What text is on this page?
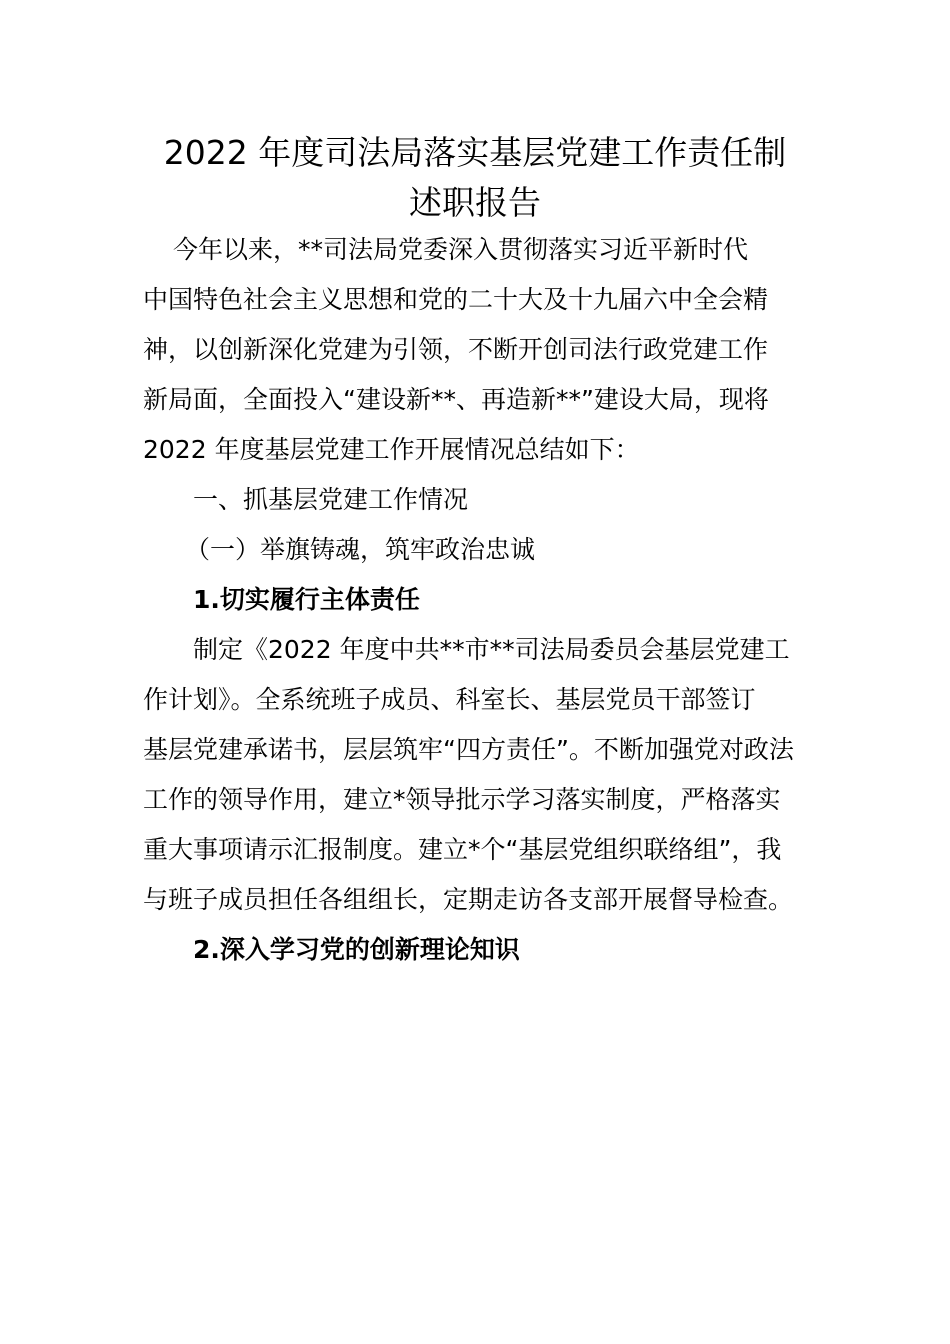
2022 年度司法局落实基层党建工作责任制
述职报告

今年以来，**司法局党委深入贯彻落实习近平新时代

中国特色社会主义思想和党的二十大及十九届六中全会精

神，以创新深化党建为引领，不断开创司法行政党建工作

新局面，全面投入“建设新**、再造新**”建设大局，现将

2022 年度基层党建工作开展情况总结如下：

一、抓基层党建工作情况

（一）举旗铸魂，筑牢政治忠诚

1.切实履行主体责任

制定《2022 年度中共**市**司法局委员会基层党建工

作计划》。全系统班子成员、科室长、基层党员干部签订

基层党建承诺书，层层筑牢“四方责任”。不断加强党对政法

工作的领导作用，建立*领导批示学习落实制度，严格落实

重大事项请示汇报制度。建立*个“基层党组织联络组”，我

与班子成员担任各组组长，定期走访各支部开展督导检查。

2.深入学习党的创新理论知识
